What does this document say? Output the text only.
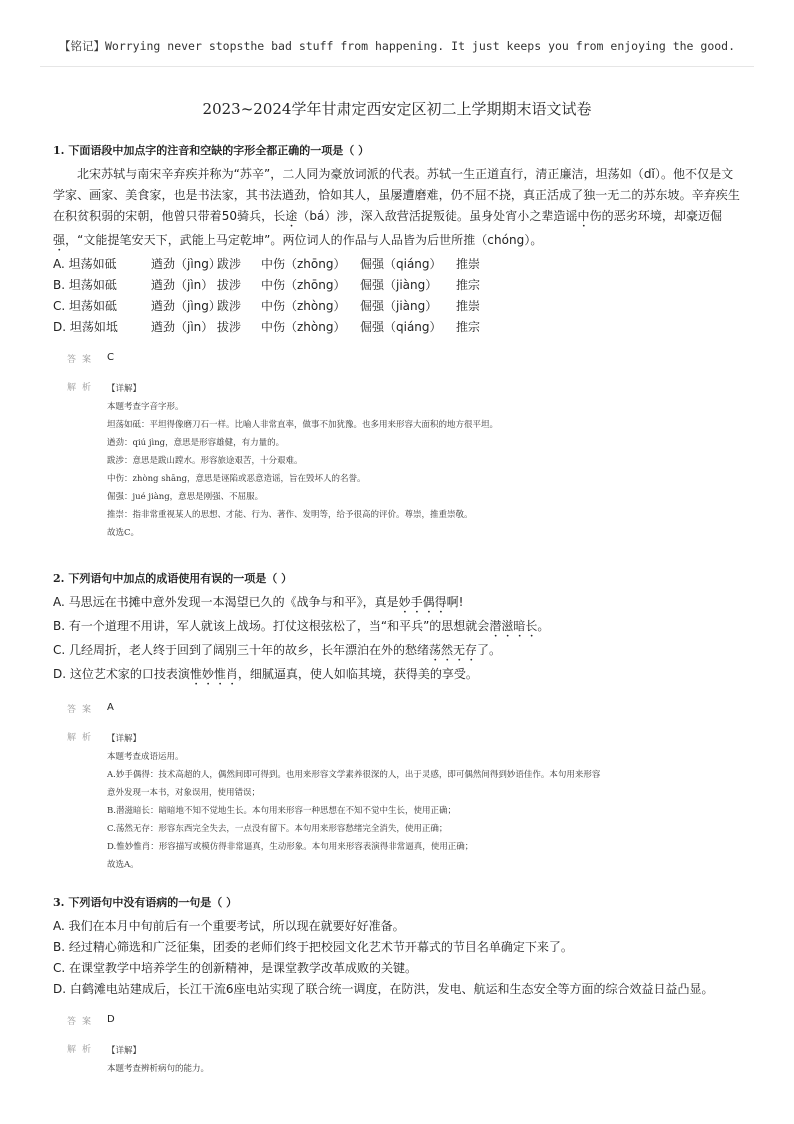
【铭记】Worrying never stopsthe bad stuff from happening. It just keeps you from enjoying the good.
2023~2024学年甘肃定西安定区初二上学期期末语文试卷
1. 下面语段中加点字的注音和空缺的字形全都正确的一项是（ ）
北宋苏轼与南宋辛弃疾并称为“苏辛”，二人同为豪放词派的代表。苏轼一生正道直行，清正廉洁，坦荡如（dǐ）。他不仅是文学家、画家、美食家，也是书法家，其书法遒劲，恰如其人，虽屡遭磨难，仍不屈不挠，真正活成了独一无二的苏东坡。辛弃疾生在积贫积弱的宋朝，他曾只带着50骑兵，长途（bá）涉，深入敌营活捉叛徒。虽身处宵小之辈造谣中伤的恶劣环境，却豪迈倔强，“文能提笔安天下，武能上马定乾坤”。两位词人的作品与人品皆为后世所推（chóng）。
A. 坦荡如砥	遒劲（jìng）跋涉 中伤（zhōng） 倔强（qiáng） 推崇
B. 坦荡如砥	遒劲（jìn） 拔涉 中伤（zhōng） 倔强（jiàng） 推宗
C. 坦荡如砥	遒劲（jìng）跋涉 中伤（zhòng） 倔强（jiàng） 推崇
D. 坦荡如坻	遒劲（jìn） 拔涉 中伤（zhòng） 倔强（qiáng） 推宗
答案 C
解析 【详解】
本题考查字音字形。
坦荡如砥：平坦得像磨刀石一样。比喻人非常直率，做事不加犹豫。也多用来形容大面积的地方很平坦。
遒劲：qiú jìng，意思是形容雄健，有力量的。
跋涉：意思是跋山蹚水。形容旅途艰苦，十分艰难。
中伤：zhòng shāng，意思是诬陷或恶意造谣，旨在毁坏人的名誉。
倔强：jué jiàng，意思是刚强、不屈服。
推崇：指非常重视某人的思想、才能、行为、著作、发明等，给予很高的评价。尊崇，推重崇敬。
故选C。
2. 下列语句中加点的成语使用有误的一项是（ ）
A. 马思远在书摊中意外发现一本渴望已久的《战争与和平》，真是妙手偶得啊!
B. 有一个道理不用讲，军人就该上战场。打仗这根弦松了，当“和平兵”的思想就会潜滋暗长。
C. 几经周折，老人终于回到了阔别三十年的故乡，长年漂泊在外的愁绪荡然无存了。
D. 这位艺术家的口技表演惟妙惟肖，细腻逼真，使人如临其境，获得美的享受。
答案 A
解析 【详解】
本题考查成语运用。
A.妙手偶得：技术高超的人，偶然间即可得到。也用来形容文学素养很深的人，出于灵感，即可偶然间得到妙语佳作。本句用来形容
意外发现一本书，对象误用，使用错误；
B.潜滋暗长：暗暗地不知不觉地生长。本句用来形容一种思想在不知不觉中生长，使用正确；
C.荡然无存：形容东西完全失去，一点没有留下。本句用来形容愁绪完全消失，使用正确；
D.惟妙惟肖：形容描写或模仿得非常逼真，生动形象。本句用来形容表演得非常逼真，使用正确；
故选A。
3. 下列语句中没有语病的一句是（ ）
A. 我们在本月中旬前后有一个重要考试，所以现在就要好好准备。
B. 经过精心筛选和广泛征集，团委的老师们终于把校园文化艺术节开幕式的节目名单确定下来了。
C. 在课堂教学中培养学生的创新精神，是课堂教学改革成败的关键。
D. 白鹤滩电站建成后，长江干流6座电站实现了联合统一调度，在防洪，发电、航运和生态安全等方面的综合效益日益凸显。
答案 D
解析 【详解】
本题考查辨析病句的能力。
